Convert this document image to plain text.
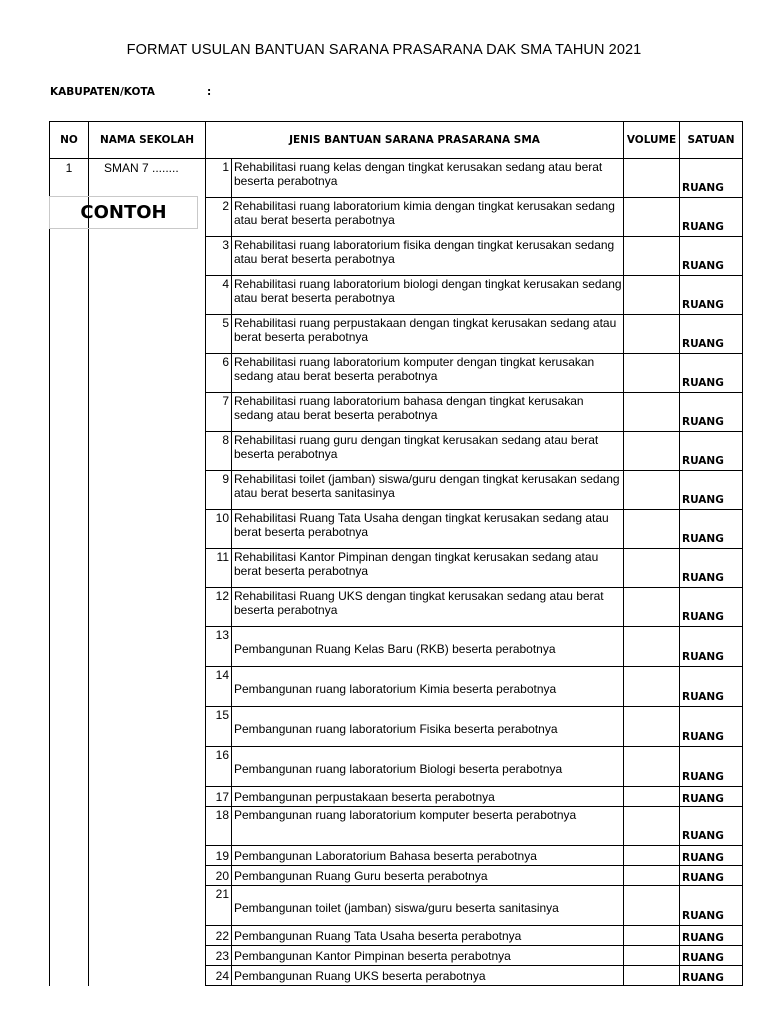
FORMAT USULAN BANTUAN SARANA PRASARANA DAK SMA TAHUN 2021
KABUPATEN/KOTA	:
NO	NAMA SEKOLAH	JENIS BANTUAN SARANA PRASARANA SMA		VOLUME	SATUAN
1	SMAN 7 ........	1	Rehabilitasi ruang kelas dengan tingkat kerusakan sedang atau berat beserta perabotnya		RUANG
		2	Rehabilitasi ruang laboratorium kimia dengan tingkat kerusakan sedang atau berat beserta perabotnya		RUANG
		3	Rehabilitasi ruang laboratorium fisika dengan tingkat kerusakan sedang atau berat beserta perabotnya		RUANG
		4	Rehabilitasi ruang laboratorium biologi dengan tingkat kerusakan sedang atau berat beserta perabotnya		RUANG
		5	Rehabilitasi ruang perpustakaan dengan tingkat kerusakan sedang atau berat beserta perabotnya		RUANG
		6	Rehabilitasi ruang laboratorium komputer dengan tingkat kerusakan sedang atau berat beserta perabotnya		RUANG
		7	Rehabilitasi ruang laboratorium bahasa dengan tingkat kerusakan sedang atau berat beserta perabotnya		RUANG
		8	Rehabilitasi ruang guru dengan tingkat kerusakan sedang atau berat beserta perabotnya		RUANG
		9	Rehabilitasi toilet (jamban) siswa/guru dengan tingkat kerusakan sedang atau berat beserta sanitasinya		RUANG
		10	Rehabilitasi Ruang Tata Usaha dengan tingkat kerusakan sedang atau berat beserta perabotnya		RUANG
		11	Rehabilitasi Kantor Pimpinan dengan tingkat kerusakan sedang atau berat beserta perabotnya		RUANG
		12	Rehabilitasi Ruang UKS dengan tingkat kerusakan sedang atau berat beserta perabotnya		RUANG
		13	Pembangunan Ruang Kelas Baru (RKB) beserta perabotnya		RUANG
		14	Pembangunan ruang laboratorium Kimia beserta perabotnya		RUANG
		15	Pembangunan ruang laboratorium Fisika beserta perabotnya		RUANG
		16	Pembangunan ruang laboratorium Biologi beserta perabotnya		RUANG
		17	Pembangunan perpustakaan beserta perabotnya		RUANG
		18	Pembangunan ruang laboratorium komputer beserta perabotnya		RUANG
		19	Pembangunan Laboratorium Bahasa beserta perabotnya		RUANG
		20	Pembangunan Ruang Guru beserta perabotnya		RUANG
		21	Pembangunan toilet (jamban) siswa/guru beserta sanitasinya		RUANG
		22	Pembangunan Ruang Tata Usaha beserta perabotnya		RUANG
		23	Pembangunan Kantor Pimpinan beserta perabotnya		RUANG
		24	Pembangunan Ruang UKS beserta perabotnya		RUANG
CONTOH
